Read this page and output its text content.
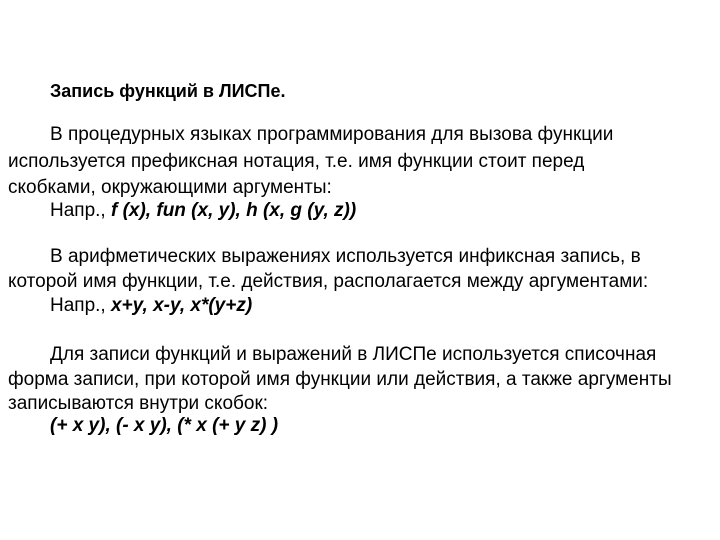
Запись функций в ЛИСПе.
В процедурных языках программирования для вызова функции
используется префиксная нотация, т.е. имя функции стоит перед
скобками, окружающими аргументы:
Напр., f (x), fun (x, y), h (x, g (y, z))
В арифметических выражениях используется инфиксная запись, в
которой имя функции, т.е. действия, располагается между аргументами:
Напр., x+y, x-y, x*(y+z)
Для записи функций и выражений в ЛИСПе используется списочная
форма записи, при которой имя функции или действия, а также аргументы
записываются внутри скобок:
(+ x y), (- x y), (* x (+ y z) )
